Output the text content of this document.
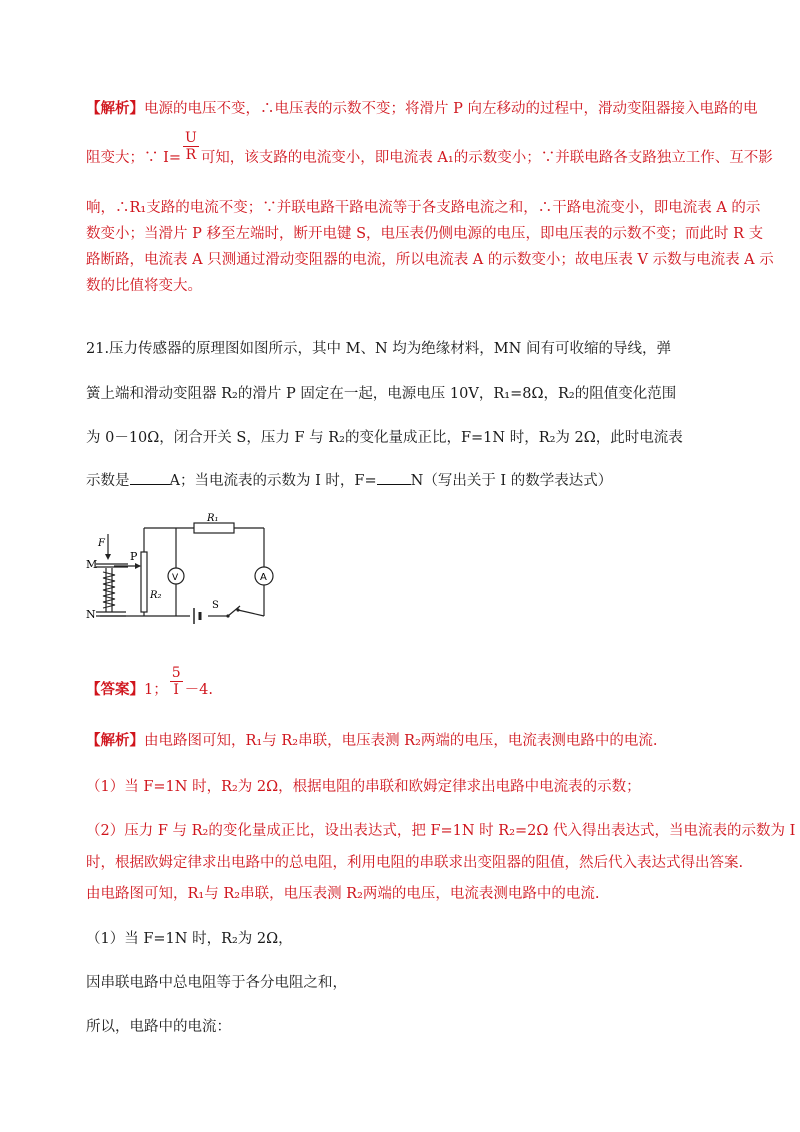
【解析】电源的电压不变，∴电压表的示数不变；将滑片 P 向左移动的过程中，滑动变阻器接入电路的电
阻变大；∵ $I= \frac{U}{R}$ 可知，该支路的电流变小，即电流表 A₁的示数变小；∵并联电路各支路独立工作、互不影
响，∴R₁支路的电流不变；∵并联电路干路电流等于各支路电流之和，∴干路电流变小，即电流表 A 的示
数变小；当滑片 P 移至左端时，断开电键 S，电压表仍侧电源的电压，即电压表的示数不变；而此时 R 支
路断路，电流表 A 只测通过滑动变阻器的电流，所以电流表 A 的示数变小；故电压表 V 示数与电流表 A 示
数的比值将变大。
21.压力传感器的原理图如图所示，其中 M、N 均为绝缘材料，MN 间有可收缩的导线，弹
簧上端和滑动变阻器 R₂的滑片 P 固定在一起，电源电压 10V，R₁=8Ω，R₂的阻值变化范围
为 0－10Ω，闭合开关 S，压力 F 与 R₂的变化量成正比，F=1N 时，R₂为 2Ω，此时电流表
示数是	A；当电流表的示数为 I 时，F= N（写出关于 I 的数学表达式）
F
P
M
N
R₁
R₂
V	A
S
【答案】1； $\frac{5}{I} -4$.
【解析】由电路图可知，R₁与 R₂串联，电压表测 R₂两端的电压，电流表测电路中的电流.
（1）当 F=1N 时，R₂为 2Ω，根据电阻的串联和欧姆定律求出电路中电流表的示数；
（2）压力 F 与 R₂的变化量成正比，设出表达式，把 F=1N 时 R₂=2Ω 代入得出表达式，当电流表的示数为 I
时，根据欧姆定律求出电路中的总电阻，利用电阻的串联求出变阻器的阻值，然后代入表达式得出答案.
由电路图可知，R₁与 R₂串联，电压表测 R₂两端的电压，电流表测电路中的电流.
（1）当 F=1N 时，R₂为 2Ω，
因串联电路中总电阻等于各分电阻之和，
所以，电路中的电流：
